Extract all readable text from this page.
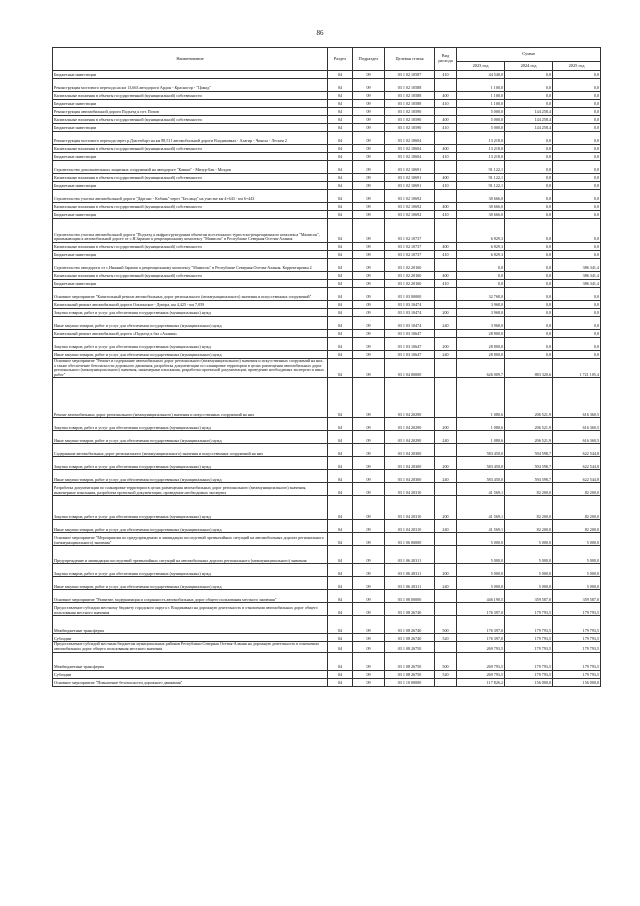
86
Наименование	Раздел	Подраздел	Целевая статья	Вид расхода	Сумма		
					2023 год	2024 год	2025 год
Бюджетные инвестиции	04	09	03 1 02 10587	410	44 540,0	0,0	0,0
Реконструкция мостового перехода на км 13,663 автодороги Ардон - Красногор - "Цамад"	04	09	03 1 02 10588		1 100,0	0,0	0,0
Капитальные вложения в объекты государственной (муниципальной) собственности	04	09	03 1 02 10588	400	1 100,0	0,0	0,0
Бюджетные инвестиции	04	09	03 1 02 10588	410	1 100,0	0,0	0,0
Реконструкция автомобильной дороги Подъезд к пгт. Попов	04	09	03 1 02 10590		5 000,0	144 258,4	0,0
Капитальные вложения в объекты государственной (муниципальной) собственности	04	09	03 1 02 10590	400	5 000,0	144 258,4	0,0
Бюджетные инвестиции	04	09	03 1 02 10590	410	5 000,0	144 258,4	0,0
Реконструкция мостового перехода через р.Дзагепбарз на км 88,511 автомобильной дороги Владикавказ - Алагир - Чикола - Лескен 2	04	09	03 1 02 10604		13 218,0	0,0	0,0
Капитальные вложения в объекты государственной (муниципальной) собственности	04	09	03 1 02 10604	400	13 218,0	0,0	0,0
Бюджетные инвестиции	04	09	03 1 02 10604	410	13 218,0	0,0	0,0
Строительство дополнительных защитных сооружений на автодороге "Кавказ" - Мизур-Бек - Моздок	04	09	03 1 02 10691		91 122,1	0,0	0,0
Капитальные вложения в объекты государственной (муниципальной) собственности	04	09	03 1 02 10691	400	91 122,1	0,0	0,0
Бюджетные инвестиции	04	09	03 1 02 10691	410	91 122,1	0,0	0,0
Строительство участка автомобильной дороги "Дарганс - Кобань" через "Бесланд" на участке км 4+643 - км 6+443	04	09	03 1 02 10692		30 666,0	0,0	0,0
Капитальные вложения в объекты государственной (муниципальной) собственности	04	09	03 1 02 10692	400	30 666,0	0,0	0,0
Бюджетные инвестиции	04	09	03 1 02 10692	410	30 666,0	0,0	0,0
Строительство участка автомобильной дороги "Подъезд к инфраструктурным объектам всесезонного туристско-рекреационного комплекса "Мамисон", примыкающим к автомобильной дороге от с.Н.Зарамаг к рекреационному комплексу "Мамисон" в Республике Северная Осетия-Алания	04	09	03 1 02 10737		6 829,3	0,0	0,0
Капитальные вложения в объекты государственной (муниципальной) собственности	04	09	03 1 02 10737	400	6 829,3	0,0	0,0
Бюджетные инвестиции	04	09	03 1 02 10737	410	6 829,3	0,0	0,0
Строительство автодороги от с.Нижний Зарамаг к рекреационному комплексу "Мамисон" в Республике Северная Осетия-Алания. Корректировка 2	04	09	03 1 02 20160		0,0	0,0	386 341,4
Капитальные вложения в объекты государственной (муниципальной) собственности	04	09	03 1 02 20160	400	0,0	0,0	386 341,4
Бюджетные инвестиции	04	09	03 1 02 20160	410	0,0	0,0	386 341,4
Основное мероприятие "Капитальный ремонт автомобильных дорог регионального (межмуниципального) значения и искусственных сооружений"	04	09	03 1 03 00000		32 768,0	0,0	0,0
Капитальный ремонт автомобильной дороги Ольгинское - Дигора, км 4,425 - км 7,059	04	09	03 1 03 10474		3 968,0	0,0	0,0
Закупка товаров, работ и услуг для обеспечения государственных (муниципальных) нужд	04	09	03 1 03 10474	200	3 968,0	0,0	0,0
Иные закупки товаров, работ и услуг для обеспечения государственных (муниципальных) нужд	04	09	03 1 03 10474	240	3 968,0	0,0	0,0
Капитальный ремонт автомобильной дороги «Подъезд к баз «Алания»	04	09	03 1 03 10647		28 800,0	0,0	0,0
Закупка товаров, работ и услуг для обеспечения государственных (муниципальных) нужд	04	09	03 1 03 10647	200	28 800,0	0,0	0,0
Иные закупки товаров, работ и услуг для обеспечения государственных (муниципальных) нужд	04	09	03 1 03 10647	240	28 800,0	0,0	0,0
Основное мероприятие "Ремонт и содержание автомобильных дорог регионального (межмуниципального) значения и искусственных сооружений на них, а также обеспечение безопасности дорожного движения, разработка документации по планировке территории в целях размещения автомобильных дорог регионального (межмуниципального) значения, инженерные изыскания, разработка проектной документации, проведение необходимых экспертиз и иных работ"	04	09	03 1 04 00000		626 009,7	883 320,6	1 721 105,4
Ремонт автомобильных дорог регионального (межмуниципального) значения и искусственных сооружений на них	04	09	03 1 04 20290		1 080,6	206 521,9	616 360,5
Закупка товаров, работ и услуг для обеспечения государственных (муниципальных) нужд	04	09	03 1 04 20290	200	1 080,6	206 521,9	616 360,5
Иные закупки товаров, работ и услуг для обеспечения государственных (муниципальных) нужд	04	09	03 1 04 20290	240	1 080,6	206 521,9	616 360,5
Содержание автомобильных дорог регионального (межмуниципального) значения и искусственных сооружений на них	04	09	03 1 04 20300		583 450,0	594 598,7	622 544,8
Закупка товаров, работ и услуг для обеспечения государственных (муниципальных) нужд	04	09	03 1 04 20300	200	583 450,0	594 598,7	622 544,8
Иные закупки товаров, работ и услуг для обеспечения государственных (муниципальных) нужд	04	09	03 1 04 20300	240	583 450,0	594 598,7	622 544,8
Разработка документации по планировке территории в целях размещения автомобильных дорог регионального (межмуниципального) значения, инженерные изыскания, разработка проектной документации, проведение необходимых экспертиз	04	09	03 1 04 20310		41 569,1	82 200,0	82 200,0
Закупка товаров, работ и услуг для обеспечения государственных (муниципальных) нужд	04	09	03 1 04 20310	200	41 569,1	82 200,0	82 200,0
Иные закупки товаров, работ и услуг для обеспечения государственных (муниципальных) нужд	04	09	03 1 04 20310	240	41 569,1	82 200,0	82 200,0
Основное мероприятие "Мероприятия по предупреждению и ликвидации последствий чрезвычайных ситуаций на автомобильных дорогах регионального (межмуниципального) значения"	04	09	03 1 06 00000		5 000,0	5 000,0	5 000,0
Предупреждение и ликвидация последствий чрезвычайных ситуаций на автомобильных дорогах регионального (межмуниципального) значения	04	09	03 1 06 20311		5 000,0	5 000,0	5 000,0
Закупка товаров, работ и услуг для обеспечения государственных (муниципальных) нужд	04	09	03 1 06 20311	200	5 000,0	5 000,0	5 000,0
Иные закупки товаров, работ и услуг для обеспечения государственных (муниципальных) нужд	04	09	03 1 06 20311	240	5 000,0	5 000,0	5 000,0
Основное мероприятие "Развитие, модернизация и сохранность автомобильных дорог общего пользования местного значения"	04	09	03 1 08 00000		446 190,5	359 587,0	359 587,0
Предоставление субсидии местному бюджету городского округа г. Владикавказ на дорожную деятельность в отношении автомобильных дорог общего пользования местного значения	04	09	03 1 08 26740		176 397,0	179 793,5	179 793,5
Межбюджетные трансферты	04	09	03 1 08 26740	500	176 397,0	179 793,5	179 793,5
Субсидии	04	09	03 1 08 26740	520	176 397,0	179 793,5	179 793,5
Предоставление субсидий местным бюджетам муниципальных районов Республики Северная Осетия-Алания на дорожную деятельность в отношении автомобильных дорог общего пользования местного значения	04	09	03 1 08 26750		269 793,5	179 793,5	179 793,5
Межбюджетные трансферты	04	09	03 1 08 26750	500	269 793,5	179 793,5	179 793,5
Субсидии	04	09	03 1 08 26750	520	269 793,5	179 793,5	179 793,5
Основное мероприятие "Повышение безопасности дорожного движения"	04	09	03 1 10 00000		117 826,2	156 000,0	156 000,0
